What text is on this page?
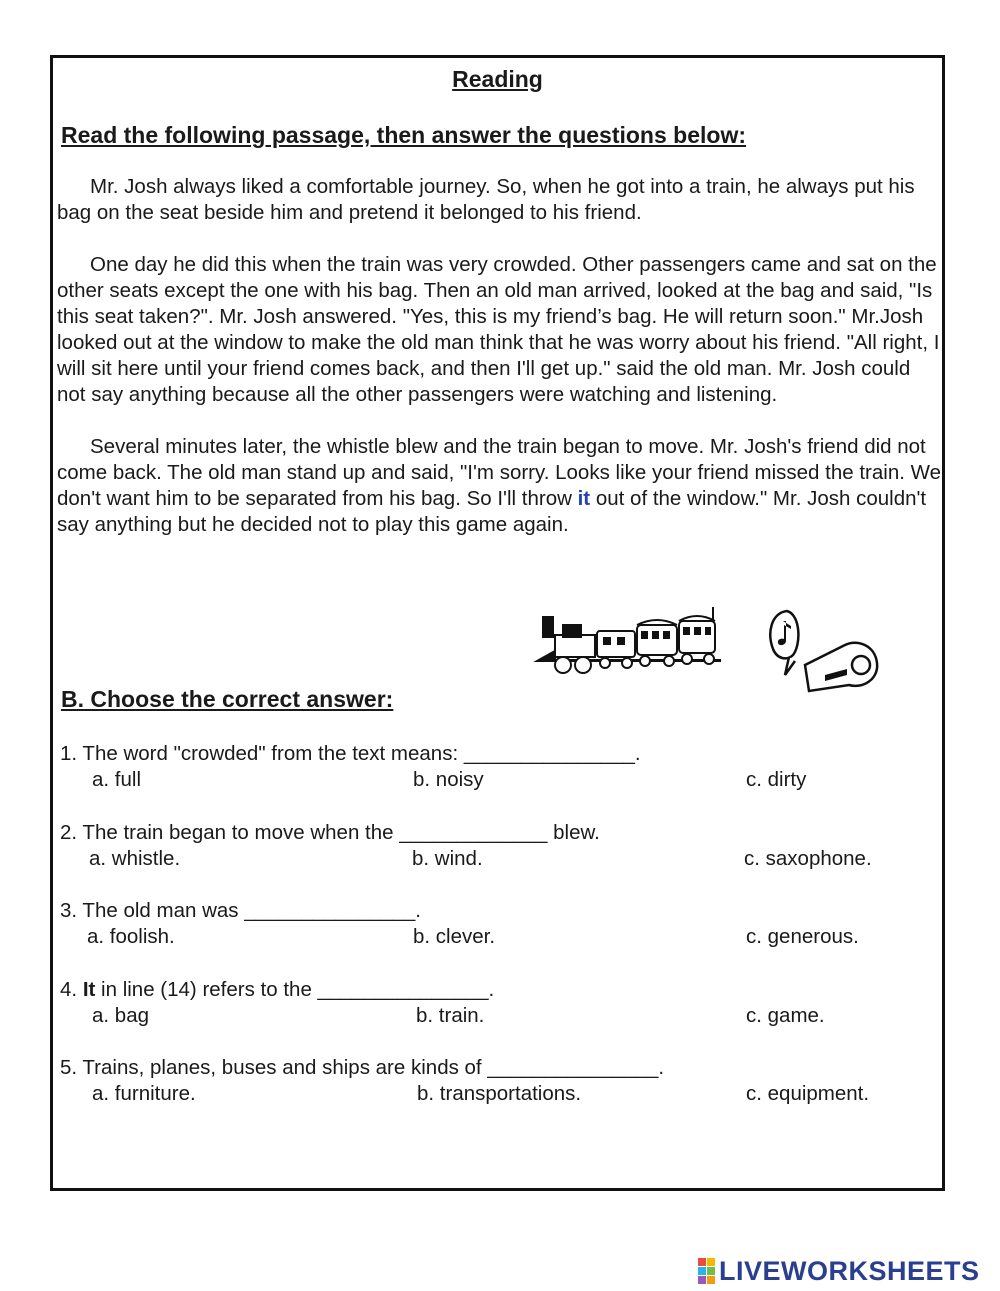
Reading
Read the following passage, then answer the questions below:

Mr. Josh always liked a comfortable journey. So, when he got into a train, he always put his bag on the seat beside him and pretend it belonged to his friend.

One day he did this when the train was very crowded. Other passengers came and sat on the other seats except the one with his bag. Then an old man arrived, looked at the bag and said, "Is this seat taken?". Mr. Josh answered. "Yes, this is my friend’s bag. He will return soon." Mr.Josh looked out at the window to make the old man think that he was worry about his friend. "All right, I will sit here until your friend comes back, and then I'll get up." said the old man. Mr. Josh could not say anything because all the other passengers were watching and listening.

Several minutes later, the whistle blew and the train began to move. Mr. Josh's friend did not come back. The old man stand up and said, "I'm sorry. Looks like your friend missed the train. We don't want him to be separated from his bag. So I'll throw it out of the window." Mr. Josh couldn't say anything but he decided not to play this game again.

B. Choose the correct answer:
1. The word "crowded" from the text means: _______________.
a. full	b. noisy	c. dirty
2. The train began to move when the _____________ blew.
a. whistle.	b. wind.	c. saxophone.
3. The old man was _______________.
a. foolish.	b. clever.	c. generous.
4. It in line (14) refers to the _______________.
a. bag	b. train.	c. game.
5. Trains, planes, buses and ships are kinds of _______________.
a. furniture.	b. transportations.	c. equipment.
LIVEWORKSHEETS
